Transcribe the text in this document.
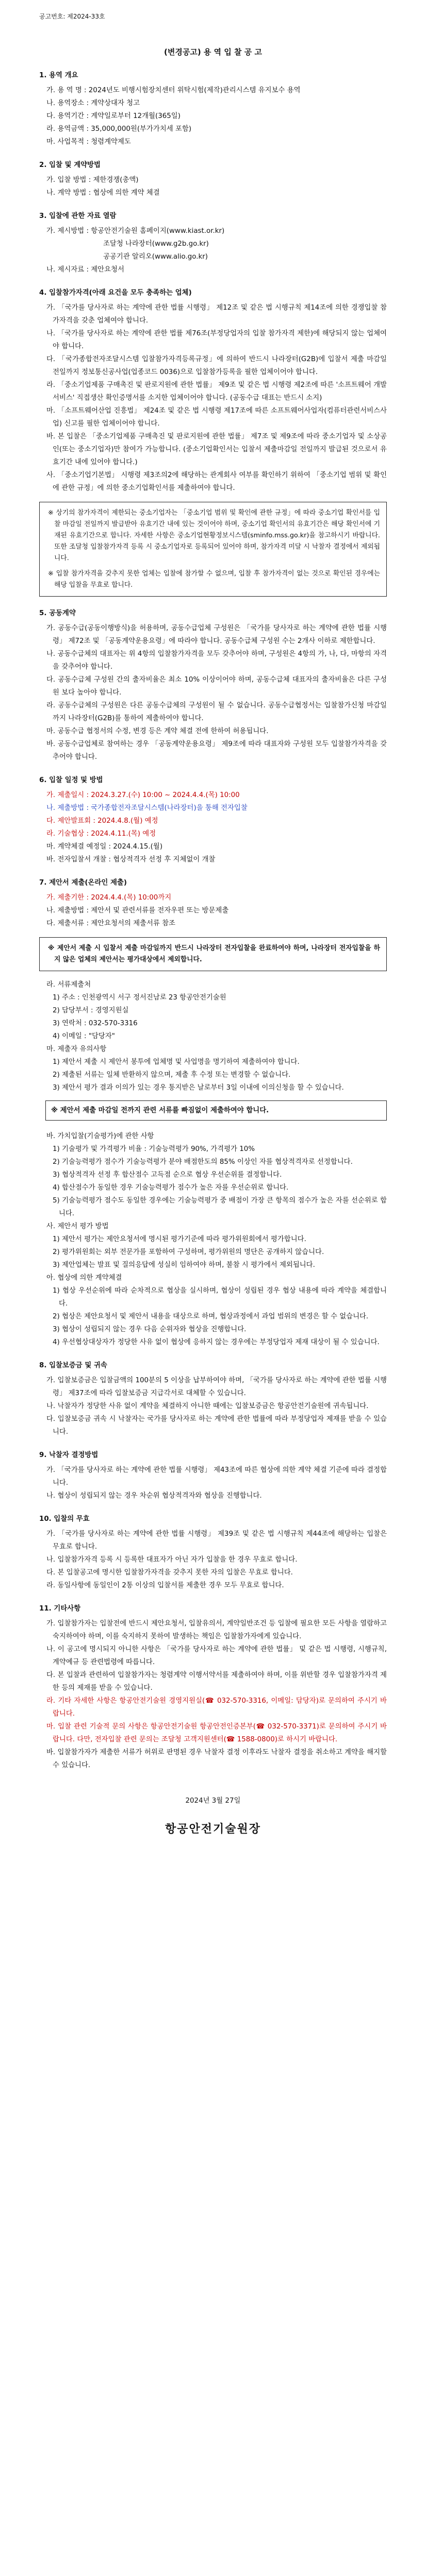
공고번호: 제2024-33호

(변경공고) 용 역 입 찰 공 고

1. 용역 개요

가. 용 역 명 : 2024년도 비행시험장치센터 위탁시험(제작)관리시스템 유지보수 용역

나. 용역장소 : 계약상대자 청고

다. 용역기간 : 계약일로부터 12개월(365일)

라. 용역금액 : 35,000,000원(부가가치세 포함)

마. 사업목적 : 청렴계약제도

2. 입찰 및 계약방법

가. 입찰 방법 : 제한경쟁(총액)

나. 계약 방법 : 협상에 의한 계약 체결

3. 입찰에 관한 자료 열람

가. 제시방법 : 항공안전기술원 홈페이지(www.kiast.or.kr)

조달청 나라장터(www.g2b.go.kr)

공공기관 알리오(www.alio.go.kr)

나. 제시자료 : 제안요청서

4. 입찰참가자격(아래 요건을 모두 충족하는 업체)

가. 「국가를 당사자로 하는 계약에 관한 법률 시행령」 제12조 및 같은 법 시행규칙 제14조에 의한 경쟁입찰 참가자격을 갖춘 업체여야 합니다.

나. 「국가를 당사자로 하는 계약에 관한 법률 제76조(부정당업자의 입찰 참가자격 제한)에 해당되지 않는 업체여야 합니다.

다. 「국가종합전자조달시스템 입찰참가자격등록규정」에 의하여 반드시 나라장터(G2B)에 입찰서 제출 마감일 전일까지 정보통신공사업(업종코드 0036)으로 입찰참가등록을 필한 업체이어야 합니다.

라. 「중소기업제품 구매촉진 및 판로지원에 관한 법률」 제9조 및 같은 법 시행령 제2조에 따른 '소프트웨어 개발 서비스' 직접생산 확인증명서를 소지한 업체이어야 합니다. (공동수급 대표는 반드시 소지)

마. 「소프트웨어산업 진흥법」 제24조 및 같은 법 시행령 제17조에 따른 소프트웨어사업자(컴퓨터관련서비스사업) 신고를 필한 업체이어야 합니다.

바. 본 입찰은 「중소기업제품 구매촉진 및 판로지원에 관한 법률」 제7조 및 제9조에 따라 중소기업자 및 소상공인(또는 중소기업자)만 참여가 가능합니다. (중소기업확인서는 입찰서 제출마감일 전일까지 발급된 것으로서 유효기간 내에 있어야 합니다.)

사. 「중소기업기본법」 시행령 제3조의2에 해당하는 관계회사 여부를 확인하기 위하여 「중소기업 범위 및 확인에 관한 규정」에 의한 중소기업확인서를 제출하여야 합니다.

※ 상기의 참가자격이 제한되는 중소기업자는 「중소기업 범위 및 확인에 관한 규정」에 따라 중소기업 확인서를 입찰 마감일 전일까지 발급받아 유효기간 내에 있는 것이어야 하며, 중소기업 확인서의 유효기간은 해당 확인서에 기재된 유효기간으로 합니다. 자세한 사항은 중소기업현황정보시스템(sminfo.mss.go.kr)을 참고하시기 바랍니다. 또한 조달청 입찰참가자격 등록 시 중소기업자로 등록되어 있어야 하며, 참가자격 미달 시 낙찰자 결정에서 제외됩니다.

※ 입찰 참가자격을 갖추지 못한 업체는 입찰에 참가할 수 없으며, 입찰 후 참가자격이 없는 것으로 확인된 경우에는 해당 입찰을 무효로 합니다.

5. 공동계약

가. 공동수급(공동이행방식)을 허용하며, 공동수급업체 구성원은 「국가를 당사자로 하는 계약에 관한 법률 시행령」 제72조 및 「공동계약운용요령」에 따라야 합니다. 공동수급체 구성원 수는 2개사 이하로 제한합니다.

나. 공동수급체의 대표자는 위 4항의 입찰참가자격을 모두 갖추어야 하며, 구성원은 4항의 가, 나, 다, 마항의 자격을 갖추어야 합니다.

다. 공동수급체 구성원 간의 출자비율은 최소 10% 이상이어야 하며, 공동수급체 대표자의 출자비율은 다른 구성원 보다 높아야 합니다.

라. 공동수급체의 구성원은 다른 공동수급체의 구성원이 될 수 없습니다. 공동수급협정서는 입찰참가신청 마감일까지 나라장터(G2B)를 통하여 제출하여야 합니다.

마. 공동수급 협정서의 수정, 변경 등은 계약 체결 전에 한하여 허용됩니다.

바. 공동수급업체로 참여하는 경우 「공동계약운용요령」 제9조에 따라 대표자와 구성원 모두 입찰참가자격을 갖추어야 합니다.

6. 입찰 일정 및 방법

가. 제출일시 : 2024.3.27.(수) 10:00 ~ 2024.4.4.(목) 10:00

나. 제출방법 : 국가종합전자조달시스템(나라장터)을 통해 전자입찰

다. 제안발표회 : 2024.4.8.(월) 예정

라. 기술협상 : 2024.4.11.(목) 예정

마. 계약체결 예정일 : 2024.4.15.(월)

바. 전자입찰서 개찰 : 협상적격자 선정 후 지체없이 개찰

7. 제안서 제출(온라인 제출)

가. 제출기한 : 2024.4.4.(목) 10:00까지

나. 제출방법 : 제안서 및 관련서류를 전자우편 또는 방문제출

다. 제출서류 : 제안요청서의 제출서류 참조

※ 제안서 제출 시 입찰서 제출 마감일까지 반드시 나라장터 전자입찰을 완료하여야 하며, 나라장터 전자입찰을 하지 않은 업체의 제안서는 평가대상에서 제외합니다.

라. 서류제출처

1) 주소 : 인천광역시 서구 정서진남로 23 항공안전기술원

2) 담당부서 : 경영지원실

3) 연락처 : 032-570-3316

4) 이메일 : "담당자"

마. 제출자 유의사항

1) 제안서 제출 시 제안서 봉투에 업체명 및 사업명을 명기하여 제출하여야 합니다.

2) 제출된 서류는 일체 반환하지 않으며, 제출 후 수정 또는 변경할 수 없습니다.

3) 제안서 평가 결과 이의가 있는 경우 통지받은 날로부터 3일 이내에 이의신청을 할 수 있습니다.

※ 제안서 제출 마감일 전까지 관련 서류를 빠짐없이 제출하여야 합니다.

바. 가치입찰(기술평가)에 관한 사항

1) 기술평가 및 가격평가 비율 : 기술능력평가 90%, 가격평가 10%

2) 기술능력평가 점수가 기술능력평가 분야 배점한도의 85% 이상인 자를 협상적격자로 선정합니다.

3) 협상적격자 선정 후 합산점수 고득점 순으로 협상 우선순위를 결정합니다.

4) 합산점수가 동일한 경우 기술능력평가 점수가 높은 자를 우선순위로 합니다.

5) 기술능력평가 점수도 동일한 경우에는 기술능력평가 중 배점이 가장 큰 항목의 점수가 높은 자를 선순위로 합니다.

사. 제안서 평가 방법

1) 제안서 평가는 제안요청서에 명시된 평가기준에 따라 평가위원회에서 평가합니다.

2) 평가위원회는 외부 전문가를 포함하여 구성하며, 평가위원의 명단은 공개하지 않습니다.

3) 제안업체는 발표 및 질의응답에 성실히 임하여야 하며, 불참 시 평가에서 제외됩니다.

아. 협상에 의한 계약체결

1) 협상 우선순위에 따라 순차적으로 협상을 실시하며, 협상이 성립된 경우 협상 내용에 따라 계약을 체결합니다.

2) 협상은 제안요청서 및 제안서 내용을 대상으로 하며, 협상과정에서 과업 범위의 변경은 할 수 없습니다.

3) 협상이 성립되지 않는 경우 다음 순위자와 협상을 진행합니다.

4) 우선협상대상자가 정당한 사유 없이 협상에 응하지 않는 경우에는 부정당업자 제재 대상이 될 수 있습니다.

8. 입찰보증금 및 귀속

가. 입찰보증금은 입찰금액의 100분의 5 이상을 납부하여야 하며, 「국가를 당사자로 하는 계약에 관한 법률 시행령」 제37조에 따라 입찰보증금 지급각서로 대체할 수 있습니다.

나. 낙찰자가 정당한 사유 없이 계약을 체결하지 아니한 때에는 입찰보증금은 항공안전기술원에 귀속됩니다.

다. 입찰보증금 귀속 시 낙찰자는 국가를 당사자로 하는 계약에 관한 법률에 따라 부정당업자 제재를 받을 수 있습니다.

9. 낙찰자 결정방법

가. 「국가를 당사자로 하는 계약에 관한 법률 시행령」 제43조에 따른 협상에 의한 계약 체결 기준에 따라 결정합니다.

나. 협상이 성립되지 않는 경우 차순위 협상적격자와 협상을 진행합니다.

10. 입찰의 무효

가. 「국가를 당사자로 하는 계약에 관한 법률 시행령」 제39조 및 같은 법 시행규칙 제44조에 해당하는 입찰은 무효로 합니다.

나. 입찰참가자격 등록 시 등록한 대표자가 아닌 자가 입찰을 한 경우 무효로 합니다.

다. 본 입찰공고에 명시한 입찰참가자격을 갖추지 못한 자의 입찰은 무효로 합니다.

라. 동일사항에 동일인이 2통 이상의 입찰서를 제출한 경우 모두 무효로 합니다.

11. 기타사항

가. 입찰참가자는 입찰전에 반드시 제안요청서, 입찰유의서, 계약일반조건 등 입찰에 필요한 모든 사항을 열람하고 숙지하여야 하며, 이를 숙지하지 못하여 발생하는 책임은 입찰참가자에게 있습니다.

나. 이 공고에 명시되지 아니한 사항은 「국가를 당사자로 하는 계약에 관한 법률」 및 같은 법 시행령, 시행규칙, 계약예규 등 관련법령에 따릅니다.

다. 본 입찰과 관련하여 입찰참가자는 청렴계약 이행서약서를 제출하여야 하며, 이를 위반할 경우 입찰참가자격 제한 등의 제재를 받을 수 있습니다.

라. 기타 자세한 사항은 항공안전기술원 경영지원실(☎ 032-570-3316, 이메일: 담당자)로 문의하여 주시기 바랍니다.

마. 입찰 관련 기술적 문의 사항은 항공안전기술원 항공안전인증본부(☎ 032-570-3371)로 문의하여 주시기 바랍니다. 다만, 전자입찰 관련 문의는 조달청 고객지원센터(☎ 1588-0800)로 하시기 바랍니다.

바. 입찰참가자가 제출한 서류가 허위로 판명된 경우 낙찰자 결정 이후라도 낙찰자 결정을 취소하고 계약을 해지할 수 있습니다.

2024년 3월 27일

항공안전기술원장
